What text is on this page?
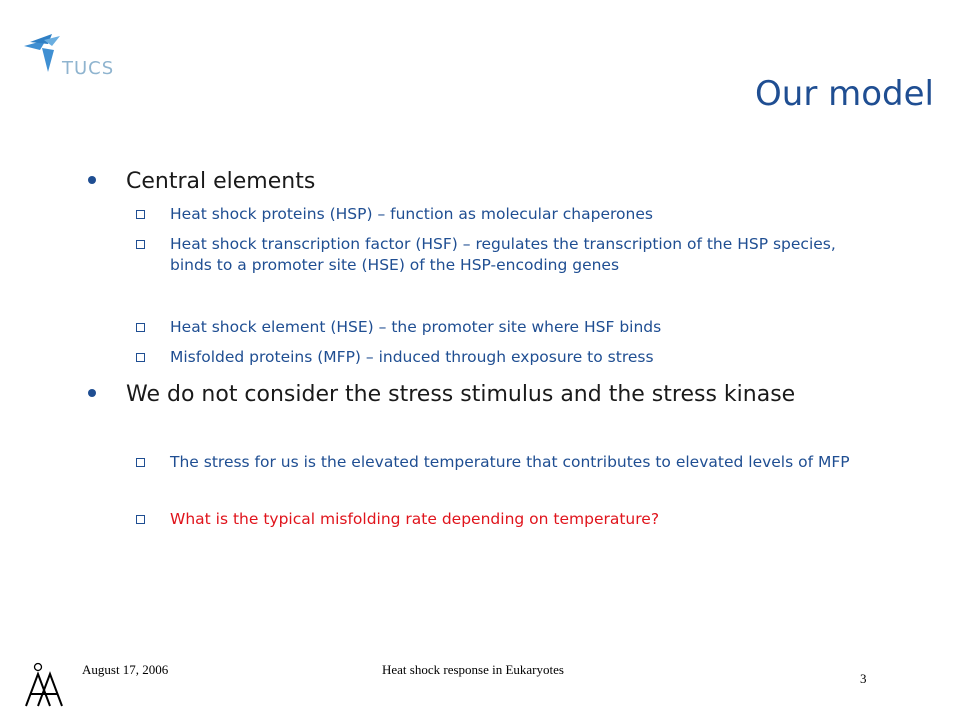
TUCS
Our model
Central elements
Heat shock proteins (HSP) – function as molecular chaperones
Heat shock transcription factor (HSF) – regulates the transcription of the HSP species, binds to a promoter site (HSE) of the HSP-encoding genes
Heat shock element (HSE) – the promoter site where HSF binds
Misfolded proteins (MFP) – induced through exposure to stress
We do not consider the stress stimulus and the stress kinase
The stress for us is the elevated temperature that contributes to elevated levels of MFP
What is the typical misfolding rate depending on temperature?
August 17, 2006	Heat shock response in Eukaryotes
3
